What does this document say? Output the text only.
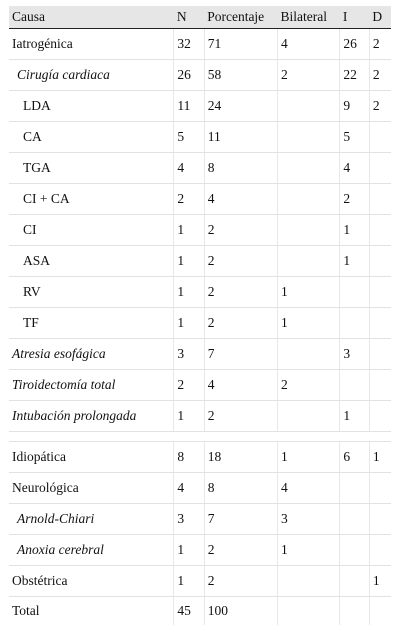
Causa	N	Porcentaje	Bilateral	I	D
Iatrogénica	32	71	4	26	2
Cirugía cardiaca	26	58	2	22	2
LDA	11	24		9	2
CA	5	11		5	
TGA	4	8		4	
CI + CA	2	4		2	
CI	1	2		1	
ASA	1	2		1	
RV	1	2	1		
TF	1	2	1		
Atresia esofágica	3	7		3	
Tiroidectomía total	2	4	2		
Intubación prolongada	1	2		1	

Idiopática	8	18	1	6	1
Neurológica	4	8	4		
Arnold-Chiari	3	7	3		
Anoxia cerebral	1	2	1		
Obstétrica	1	2			1
Total	45	100			
